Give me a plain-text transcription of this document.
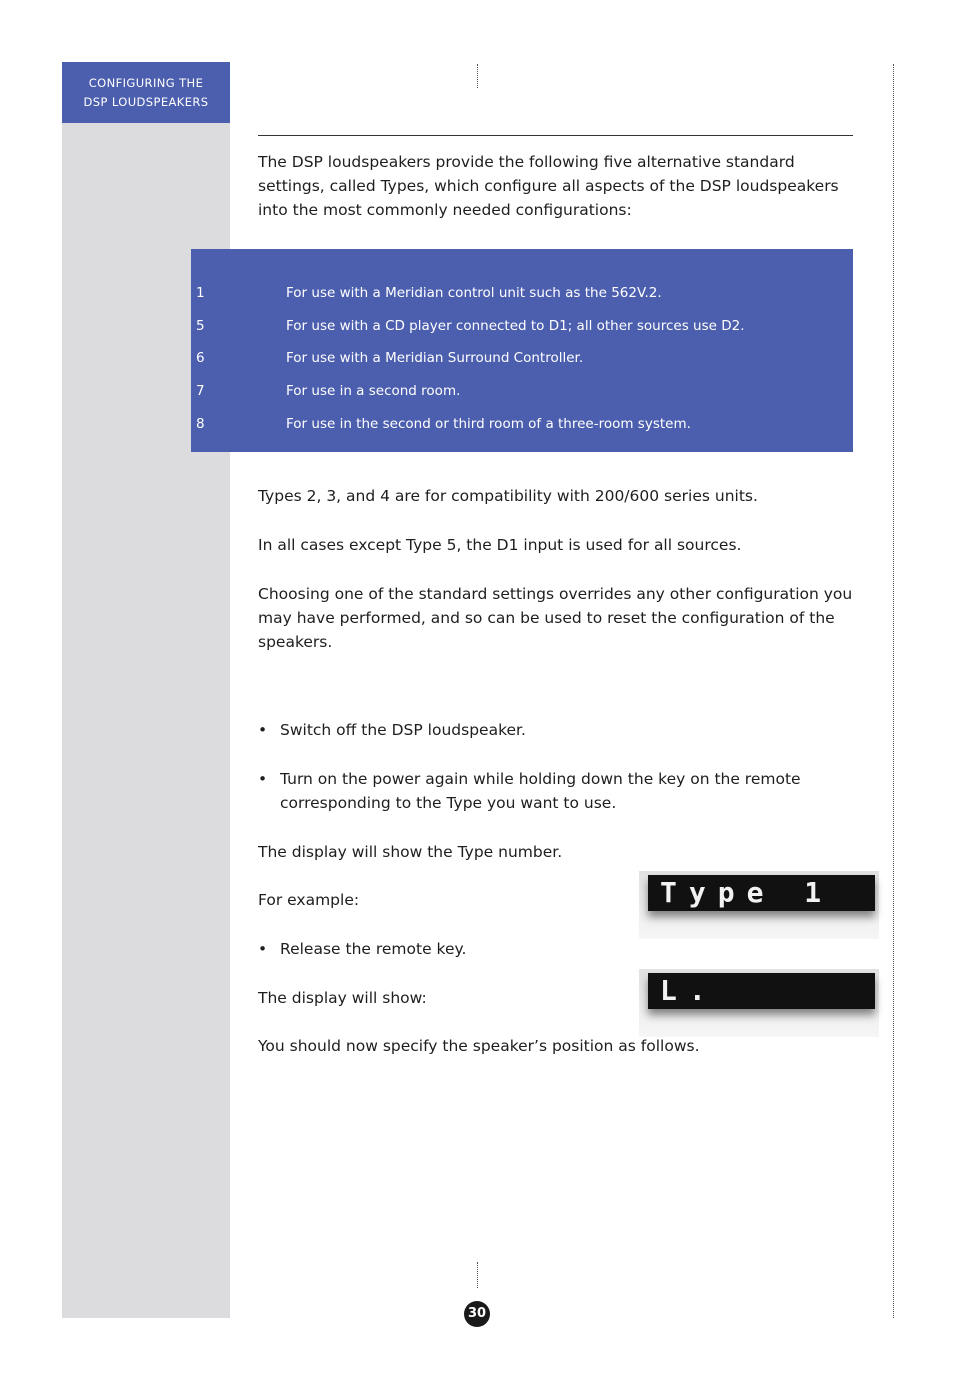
CONFIGURING THE
DSP LOUDSPEAKERS

The DSP loudspeakers provide the following five alternative standard settings, called Types, which configure all aspects of the DSP loudspeakers into the most commonly needed configurations:

1	For use with a Meridian control unit such as the 562V.2.
5	For use with a CD player connected to D1; all other sources use D2.
6	For use with a Meridian Surround Controller.
7	For use in a second room.
8	For use in the second or third room of a three-room system.

Types 2, 3, and 4 are for compatibility with 200/600 series units.

In all cases except Type 5, the D1 input is used for all sources.

Choosing one of the standard settings overrides any other configuration you may have performed, and so can be used to reset the configuration of the speakers.

• Switch off the DSP loudspeaker.
• Turn on the power again while holding down the key on the remote corresponding to the Type you want to use.

The display will show the Type number.

For example:	Type 1
• Release the remote key.

The display will show:	L.

You should now specify the speaker’s position as follows.

30
